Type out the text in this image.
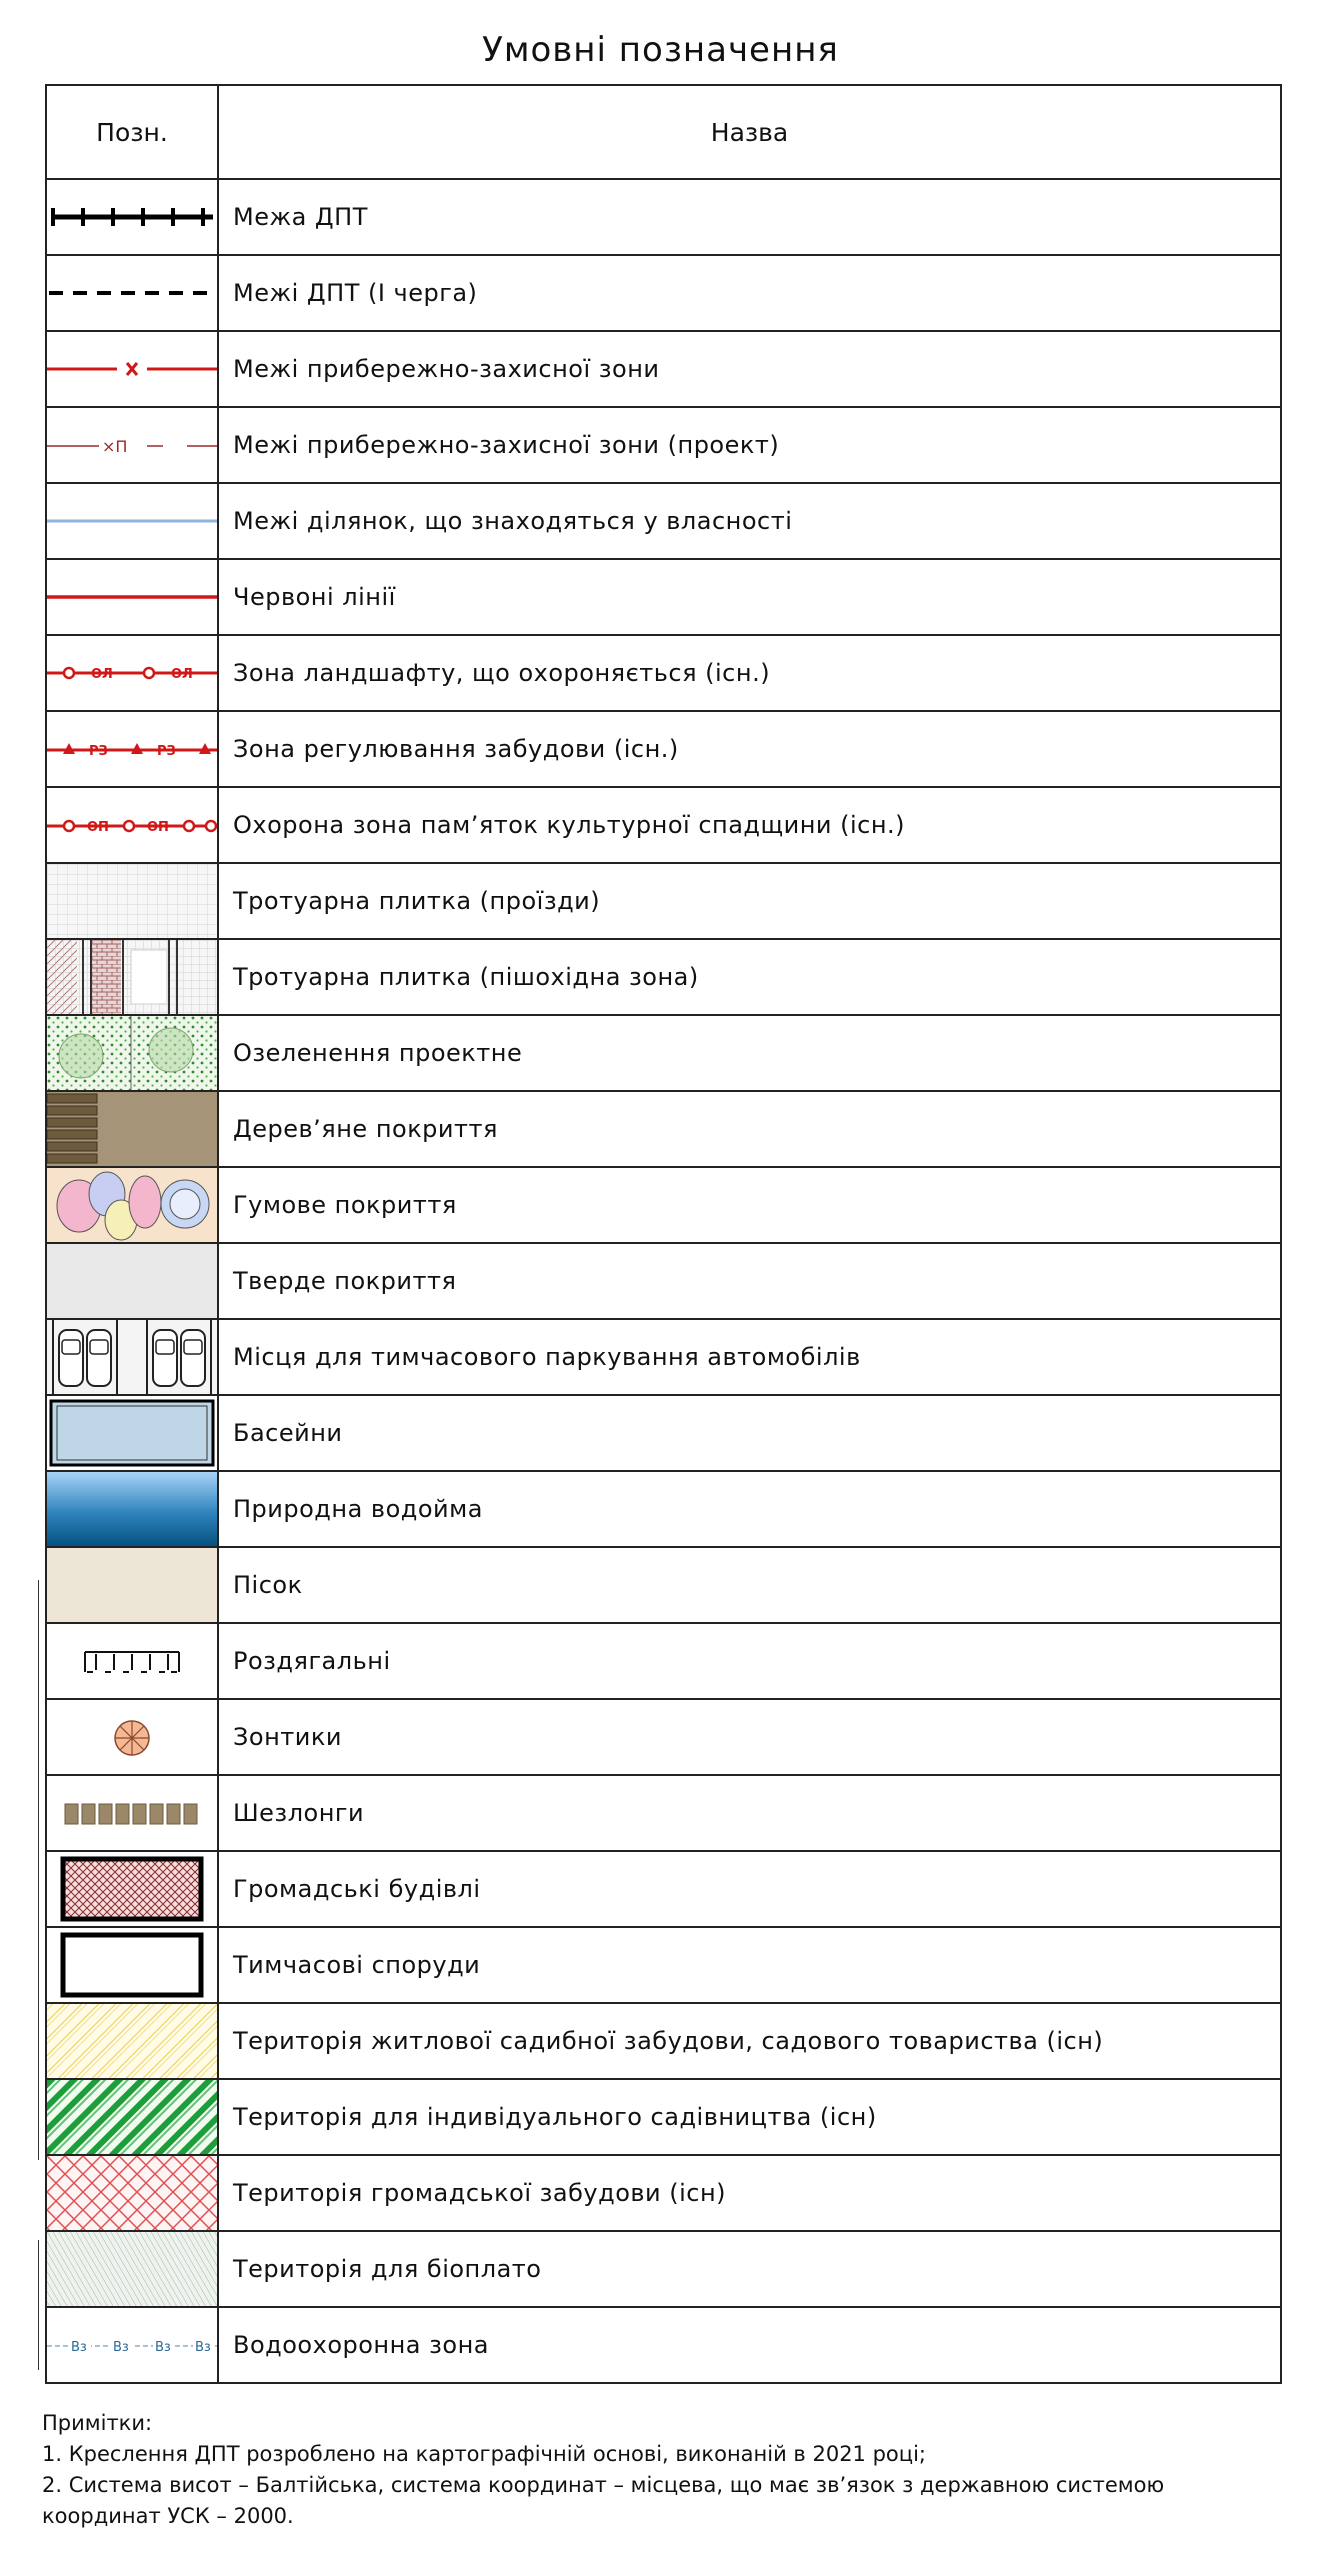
Умовні позначення
Позн.	Назва

	Межа ДПТ

	Межі ДПТ (І черга)

	Межі прибережно-захисної зони

×П	Межі прибережно-захисної зони (проект)

	Межі ділянок, що знаходяться у власності

	Червоні лінії

ОЛ ОЛ	Зона ландшафту, що охороняється (існ.)

РЗ РЗ	Зона регулювання забудови (існ.)

ОП ОП	Охорона зона пам’яток культурної спадщини (існ.)

	Тротуарна плитка (проїзди)

	Тротуарна плитка (пішохідна зона)

	Озеленення проектне

	Дерев’яне покриття

	Гумове покриття

	Тверде покриття

	Місця для тимчасового паркування автомобілів

	Басейни

	Природна водойма

	Пісок

	Роздягальні

	Зонтики

	Шезлонги

	Громадські будівлі

	Тимчасові споруди

	Територія житлової садибної забудови, садового товариства (існ)

	Територія для індивідуального садівництва (існ)

	Територія громадської забудови (існ)

	Територія для біоплато

Вз Вз Вз Вз	Водоохоронна зона
Примітки:
1. Креслення ДПТ розроблено на картографічній основі, виконаній в 2021 році;
2. Система висот – Балтійська, система координат – місцева, що має зв’язок з державною системою координат УСК – 2000.
